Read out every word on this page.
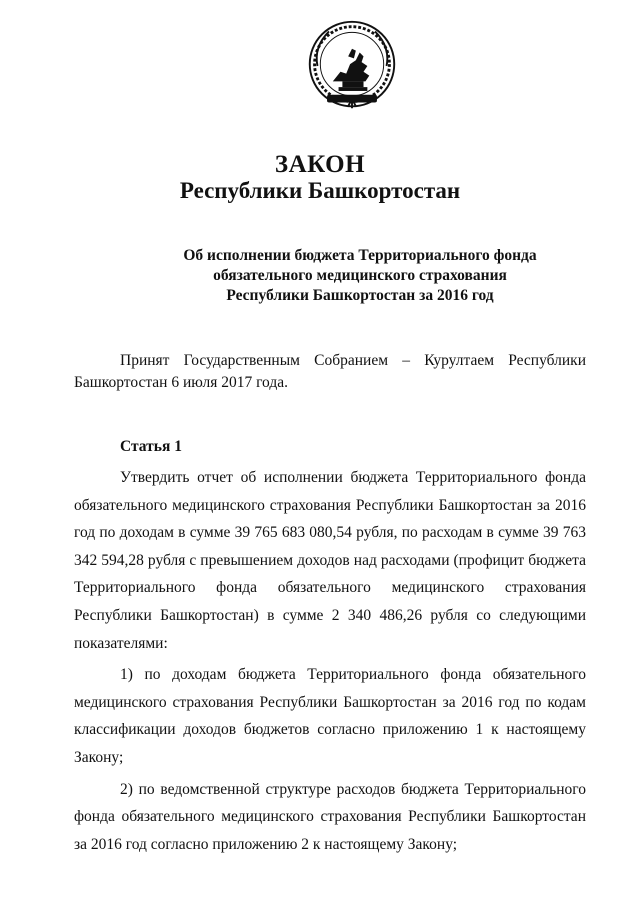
ЗАКОН
Республики Башкортостан
Об исполнении бюджета Территориального фонда
обязательного медицинского страхования
Республики Башкортостан за 2016 год
Принят Государственным Собранием – Курултаем Республики Башкортостан 6 июля 2017 года.
Статья 1

Утвердить отчет об исполнении бюджета Территориального фонда обязательного медицинского страхования Республики Башкортостан за 2016 год по доходам в сумме 39 765 683 080,54 рубля, по расходам в сумме 39 763 342 594,28 рубля с превышением доходов над расходами (профицит бюджета Территориального фонда обязательного медицинского страхования Республики Башкортостан) в сумме 2 340 486,26 рубля со следующими показателями:

1) по доходам бюджета Территориального фонда обязательного медицинского страхования Республики Башкортостан за 2016 год по кодам классификации доходов бюджетов согласно приложению 1 к настоящему Закону;

2) по ведомственной структуре расходов бюджета Территориального фонда обязательного медицинского страхования Республики Башкортостан за 2016 год согласно приложению 2 к настоящему Закону;
